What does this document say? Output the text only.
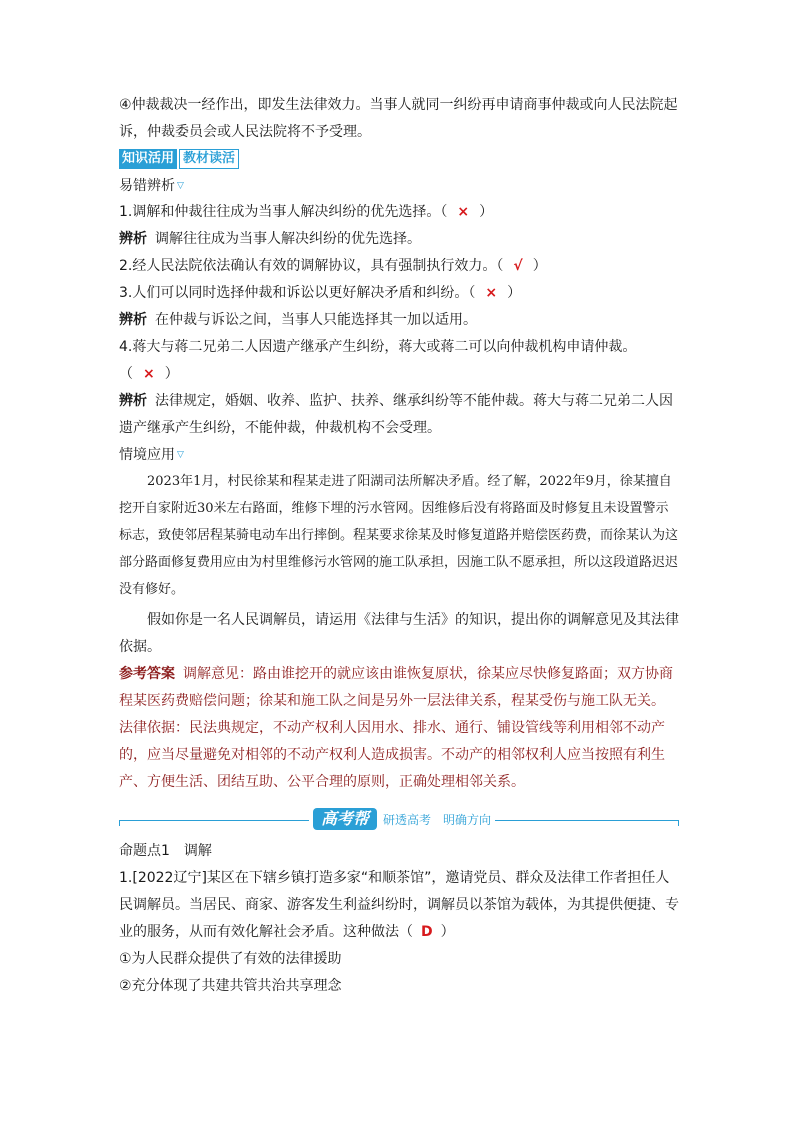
④仲裁裁决一经作出，即发生法律效力。当事人就同一纠纷再申请商事仲裁或向人民法院起诉，仲裁委员会或人民法院将不予受理。

知识活用 教材读活
易错辨析 ▽

1.调解和仲裁往往成为当事人解决纠纷的优先选择。（ × ）

辨析 调解往往成为当事人解决纠纷的优先选择。

2.经人民法院依法确认有效的调解协议，具有强制执行效力。（ √ ）

3.人们可以同时选择仲裁和诉讼以更好解决矛盾和纠纷。（ × ）

辨析 在仲裁与诉讼之间，当事人只能选择其一加以适用。

4.蒋大与蒋二兄弟二人因遗产继承产生纠纷，蒋大或蒋二可以向仲裁机构申请仲裁。
（ × ）

辨析 法律规定，婚姻、收养、监护、扶养、继承纠纷等不能仲裁。蒋大与蒋二兄弟二人因遗产继承产生纠纷，不能仲裁，仲裁机构不会受理。

情境应用 ▽

2023年1月，村民徐某和程某走进了阳湖司法所解决矛盾。经了解，2022年9月，徐某擅自挖开自家附近30米左右路面，维修下埋的污水管网。因维修后没有将路面及时修复且未设置警示标志，致使邻居程某骑电动车出行摔倒。程某要求徐某及时修复道路并赔偿医药费，而徐某认为这部分路面修复费用应由为村里维修污水管网的施工队承担，因施工队不愿承担，所以这段道路迟迟没有修好。

假如你是一名人民调解员，请运用《法律与生活》的知识，提出你的调解意见及其法律依据。

参考答案 调解意见：路由谁挖开的就应该由谁恢复原状，徐某应尽快修复路面；双方协商程某医药费赔偿问题；徐某和施工队之间是另外一层法律关系，程某受伤与施工队无关。

法律依据：民法典规定，不动产权利人因用水、排水、通行、铺设管线等利用相邻不动产的，应当尽量避免对相邻的不动产权利人造成损害。不动产的相邻权利人应当按照有利生产、方便生活、团结互助、公平合理的原则，正确处理相邻关系。

高考帮	研透高考　明确方向

命题点1　调解

1.[2022辽宁]某区在下辖乡镇打造多家“和顺茶馆”，邀请党员、群众及法律工作者担任人民调解员。当居民、商家、游客发生利益纠纷时，调解员以茶馆为载体，为其提供便捷、专业的服务，从而有效化解社会矛盾。这种做法（ D ）

①为人民群众提供了有效的法律援助

②充分体现了共建共管共治共享理念
